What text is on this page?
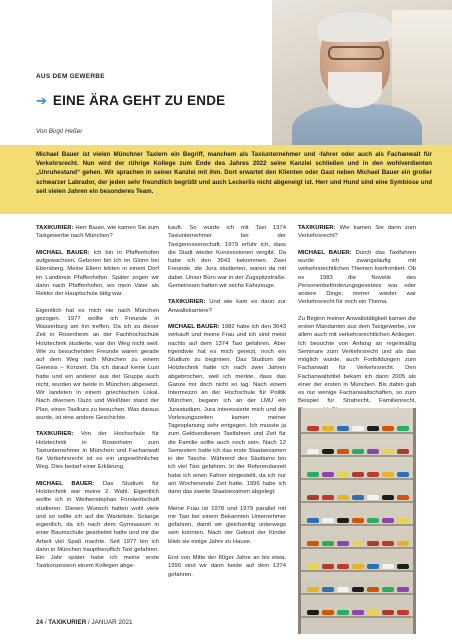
AUS DEM GEWERBE
➔ EINE ÄRA GEHT ZU ENDE
Von Birgit Heßer
Michael Bauer ist vielen Münchner Taxlern ein Begriff, manchem als Taxiunternehmer und -fahrer oder auch als Fachanwalt für Verkehrsrecht. Nun wird der rührige Kollege zum Ende des Jahres 2022 seine Kanzlei schließen und in den wohlverdienten „Unruhestand“ gehen. Wir sprachen in seiner Kanzlei mit ihm. Dort erwartet den Klienten oder Gast neben Michael Bauer ein großer schwarzer Labrador, der jeden sehr freundlich begrüßt und auch Leckerlis nicht abgeneigt ist. Herr und Hund sind eine Symbiose und seit vielen Jahren ein besonderes Team.

TAXIKURIER: Herr Bauer, wie kamen Sie zum Taxigewerbe nach München?

MICHAEL BAUER: Ich bin in Pfaffenhofen aufgewachsen. Geboren bin ich im Glonn bei Ebersberg. Meine Eltern lebten in einem Dorf im Landkreis Pfaffenhofen. Später zogen wir dann nach Pfaffenhofen, wo mein Vater als Rektor der Hauptschule tätig war.

Eigentlich hat es mich nie nach München gezogen. 1977 wollte ich Freunde in Wasserburg am Inn treffen. Da ich zu dieser Zeit in Rosenheim an der Fachhochschule Holztechnik studierte, war der Weg nicht weit. Wie zu besuchenden Freunde waren gerade auf dem Weg nach München zu einem Genesis – Konzert. Da ich darauf keine Lust hatte und ein anderer aus der Gruppe auch nicht, wurden wir beide in München abgesetzt. Wir landeten in einem griechischen Lokal. Nach diversen Ouzo und Weißbier stand der Plan, einen Taxlkurs zu besuchen. Was daraus wurde, ist eine andere Geschichte.

TAXIKURIER: Von der Hochschule für Holztechnik in Rosenheim zum Taxiunternehmer in München und Fachanwalt für Verkehrsrecht ist es ein ungewöhnlicher Weg. Dies bedarf einer Erklärung.

MICHAEL BAUER: Das Studium für Holztechnik war meine 2. Wahl. Eigentlich wollte ich in Weihenstephan Forstwirtschaft studieren. Diesen Wunsch hatten wohl viele und so sollte ich auf die Warteliste. Solange eigentlich, da ich nach dem Gymnasium in einer Baumschule gearbeitet hatte und mir die Arbeit viel Spaß machte. Seit 1977 bin ich dann in München hauptberuflich Taxi gefahren. Ein Jahr später habe ich meine erste Taxikonzession einem Kollegen abge-

kauft. So wurde ich mit Taxi 1374 Taxiunternehmer bei der Taxigenossenschaft. 1979 erfuhr ich, dass die Stadt wieder Konzessionen vergibt. Da habe ich den 3643 bekommen. Zwei Freunde, die Jura studierten, waren da mit dabei. Unser Büro war in der Zugspitzstraße. Gemeinsam hatten wir sechs Fahrzeuge.

TAXIKURIER: Und wie kam es dann zur Anwaltskarriere?

MICHAEL BAUER: 1982 habe ich den 3643 verkauft und meine Frau und ich sind meist nachts auf dem 1374 Taxi gefahren. Aber irgendwie hat es mich gereizt, noch ein Studium zu beginnen. Das Studium der Holztechnik hatte ich nach zwei Jahren abgebrochen, weil ich merkte, dass das Ganze mir doch nicht so lag. Nach einem Intermezzo an der Hochschule für Politik München, begann ich an der LMU ein Jurastudium. Jura interessierte mich und die Vorlesungszeiten kamen meiner Tagesplanung sehr entgegen. Ich musste ja zum Geldverdienen Taxifahren und Zeit für die Familie sollte auch noch sein. Nach 12 Semestern hatte ich das erste Staatsexamen in der Tasche. Während des Studiums bin ich viel Taxi gefahren. In der Referendarzeit habe ich einen Fahrer eingestellt, da ich nur am Wochenende Zeit hatte. 1996 habe ich dann das zweite Staatsexamen abgelegt.

Meine Frau ist 1978 und 1979 parallel mit mir Taxi bei einem Bekannten Unternehmer gefahren, damit wir gleichzeitig unterwegs sein konnten. Nach der Geburt der Kinder blieb sie einige Jahre zu Hause.

Erst von Mitte der 80ger Jahre an bis etwa. 1990 sind wir dann beide auf dem 1374 gefahren.

TAXIKURIER: Wie kamen Sie dann zum Verkehrsrecht?

MICHAEL BAUER: Durch das Taxifahren wurde ich zwangsläufig mit verkehrsrechtlichen Themen konfrontiert. Ob es 1983 die Novelle des Personenbeförderungsgesetzes war oder andere Dinge, immer wieder war Verkehrsrecht für mich ein Thema.

Zu Beginn meiner Anwaltstätigkeit kamen die ersten Mandanten aus dem Taxigewerbe, vor allem auch mit verkehrsrechtlichen Anliegen. Ich besuchte von Anfang an regelmäßig Seminare zum Verkehrsrecht und als das möglich wurde, auch Fortbildungen zum Fachanwalt für Verkehrsrecht. Den Fachanwaltstitel bekam ich dann 2005 als einer der ersten in München. Bis dahin gab es nur wenige Fachanwaltschaften, so zum Beispiel für Strafrecht, Familienrecht,

24 / TAXIKURIER / JANUAR 2021
